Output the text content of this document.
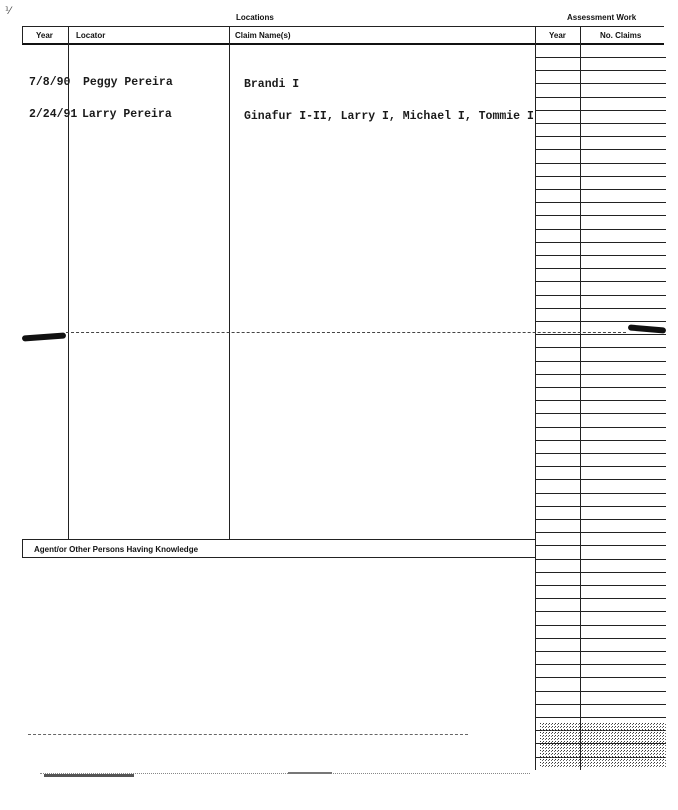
⅟
Locations	Assessment Work
Year	Locator	Claim Name(s)	Year	No. Claims
7/8/90 Peggy Pereira	Brandi I
2/24/91 Larry Pereira	Ginafur I-II, Larry I, Michael I, Tommie I
Agent/or Other Persons Having Knowledge
